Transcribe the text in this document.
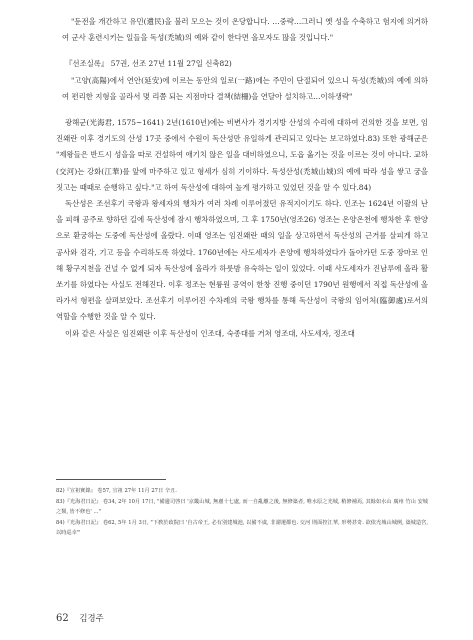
"둔전을 개간하고 유민(遺民)을 불러 모으는 것이 온당합니다. …중략…그러니 옛 성을 수축하고 험지에 의거하여 군사 훈련시키는 일들을 독성(禿城)의 예와 같이 한다면 올모자도 많을 것입니다."

『선조실록』 57권, 선조 27년 11월 27일 신축82)

"고양(高陽)에서 연안(延安)에 이르는 동안의 일로(一路)에는 주민이 단절되어 있으니 독성(禿城)의 예에 의하여 편리한 지형을 골라서 몇 리쯤 되는 지점마다 결책(結柵)을 연달아 설치하고…이하생략"

광해군(光海君, 1575~1641) 2년(1610년)에는 비변사가 경기지방 산성의 수리에 대하여 건의한 것을 보면, 임진왜란 이후 경기도의 산성 17곳 중에서 수원이 독산성만 유일하게 관리되고 있다는 보고하였다.83) 또한 광해군은 "제왕들은 반드시 성을을 따로 건설하여 애기치 않은 일을 대비하였으니, 도읍 옮기는 것을 이르는 것이 아니다. 교하(交河)는 강화(江華)를 앞에 마주하고 있고 형세가 심히 기이하다. 독성산성(禿城山城)의 예에 따라 성을 쌓고 궁을 짓고는 때때로 순행하고 싶다."고 하여 독산성에 대하여 높게 평가하고 있었던 것을 알 수 있다.84)

독산성은 조선후기 국왕과 왕세자의 행차가 여러 차례 이루어졌던 유적지이기도 하다. 인조는 1624년 이괄의 난을 피해 공주로 향하던 길에 독산성에 잠시 행차하였으며, 그 후 1750년(영조26) 영조는 온양온천에 행차한 후 한양으로 환궁하는 도중에 독산성에 올랐다. 이때 영조는 임진왜란 때의 일을 상고하면서 독산성의 근거를 살피게 하고 공사와 검각, 기고 등을 수리하도록 하였다. 1760년에는 사도세자가 온양에 행차하였다가 돌아가던 도중 장마로 인해 황구지천을 건널 수 없게 되자 독산성에 올라가 하룻밤 유숙하는 일이 있었다. 이때 사도세자가 진남루에 올라 활쏘기를 하였다는 사실도 전해진다. 이후 정조는 현륭원 공역이 한창 진행 중이던 1790년 원행에서 직접 독산성에 올라가서 형편을 살펴보았다. 조선후기 이루어진 수차례의 국왕 행차를 통해 독산성이 국왕의 임어처(臨御處)로서의 역할을 수행한 것을 알 수 있다.

이와 같은 사실은 임진왜란 이후 독산성이 인조대, 숙종대를 거쳐 영조대, 사도세자, 정조대

82)『宣祖實錄』 卷57, 宣祖 27年 11月 27日 辛丑.

83)『光海君日記』 卷34, 2年 10月 17日, "備邊司啓曰 '京畿山城, 無慮十七處, 而一自亂離之後, 無修築者, 唯水原之禿城, 稍修補焉, 其餘如水山 廣州 竹山 安城 之類, 皆不修也' ..."

84)『光海君日記』 卷62, 5年 1月 3日, "下敎於政院曰 '自古帝王, 必有別建城池, 以備不虞, 非謂遷都也. 交河 則面控江華, 形勢甚奇. 欲依禿城山城例, 築城造宮, 以時巡幸'"

62 김경주
